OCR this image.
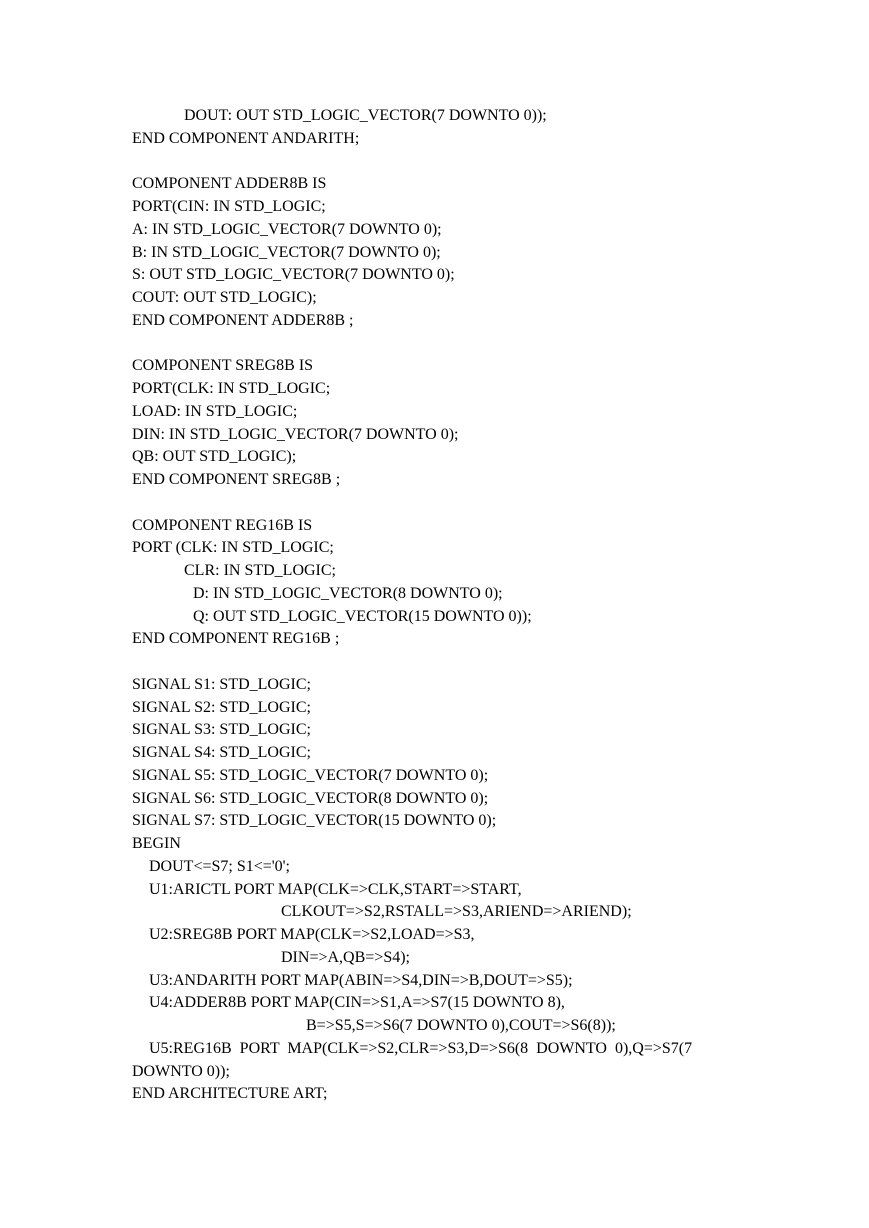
DOUT: OUT STD_LOGIC_VECTOR(7 DOWNTO 0));
END COMPONENT ANDARITH;
COMPONENT ADDER8B IS
PORT(CIN: IN STD_LOGIC;
A: IN STD_LOGIC_VECTOR(7 DOWNTO 0);
B: IN STD_LOGIC_VECTOR(7 DOWNTO 0);
S: OUT STD_LOGIC_VECTOR(7 DOWNTO 0);
COUT: OUT STD_LOGIC);
END COMPONENT ADDER8B ;
COMPONENT SREG8B IS
PORT(CLK: IN STD_LOGIC;
LOAD: IN STD_LOGIC;
DIN: IN STD_LOGIC_VECTOR(7 DOWNTO 0);
QB: OUT STD_LOGIC);
END COMPONENT SREG8B ;
COMPONENT REG16B IS
PORT (CLK: IN STD_LOGIC;
CLR: IN STD_LOGIC;
D: IN STD_LOGIC_VECTOR(8 DOWNTO 0);
Q: OUT STD_LOGIC_VECTOR(15 DOWNTO 0));
END COMPONENT REG16B ;
SIGNAL S1: STD_LOGIC;
SIGNAL S2: STD_LOGIC;
SIGNAL S3: STD_LOGIC;
SIGNAL S4: STD_LOGIC;
SIGNAL S5: STD_LOGIC_VECTOR(7 DOWNTO 0);
SIGNAL S6: STD_LOGIC_VECTOR(8 DOWNTO 0);
SIGNAL S7: STD_LOGIC_VECTOR(15 DOWNTO 0);
BEGIN
DOUT<=S7; S1<='0';
U1:ARICTL PORT MAP(CLK=>CLK,START=>START,
CLKOUT=>S2,RSTALL=>S3,ARIEND=>ARIEND);
U2:SREG8B PORT MAP(CLK=>S2,LOAD=>S3,
DIN=>A,QB=>S4);
U3:ANDARITH PORT MAP(ABIN=>S4,DIN=>B,DOUT=>S5);
U4:ADDER8B PORT MAP(CIN=>S1,A=>S7(15 DOWNTO 8),
B=>S5,S=>S6(7 DOWNTO 0),COUT=>S6(8));
U5:REG16B  PORT  MAP(CLK=>S2,CLR=>S3,D=>S6(8  DOWNTO  0),Q=>S7(7
DOWNTO 0));
END ARCHITECTURE ART;
